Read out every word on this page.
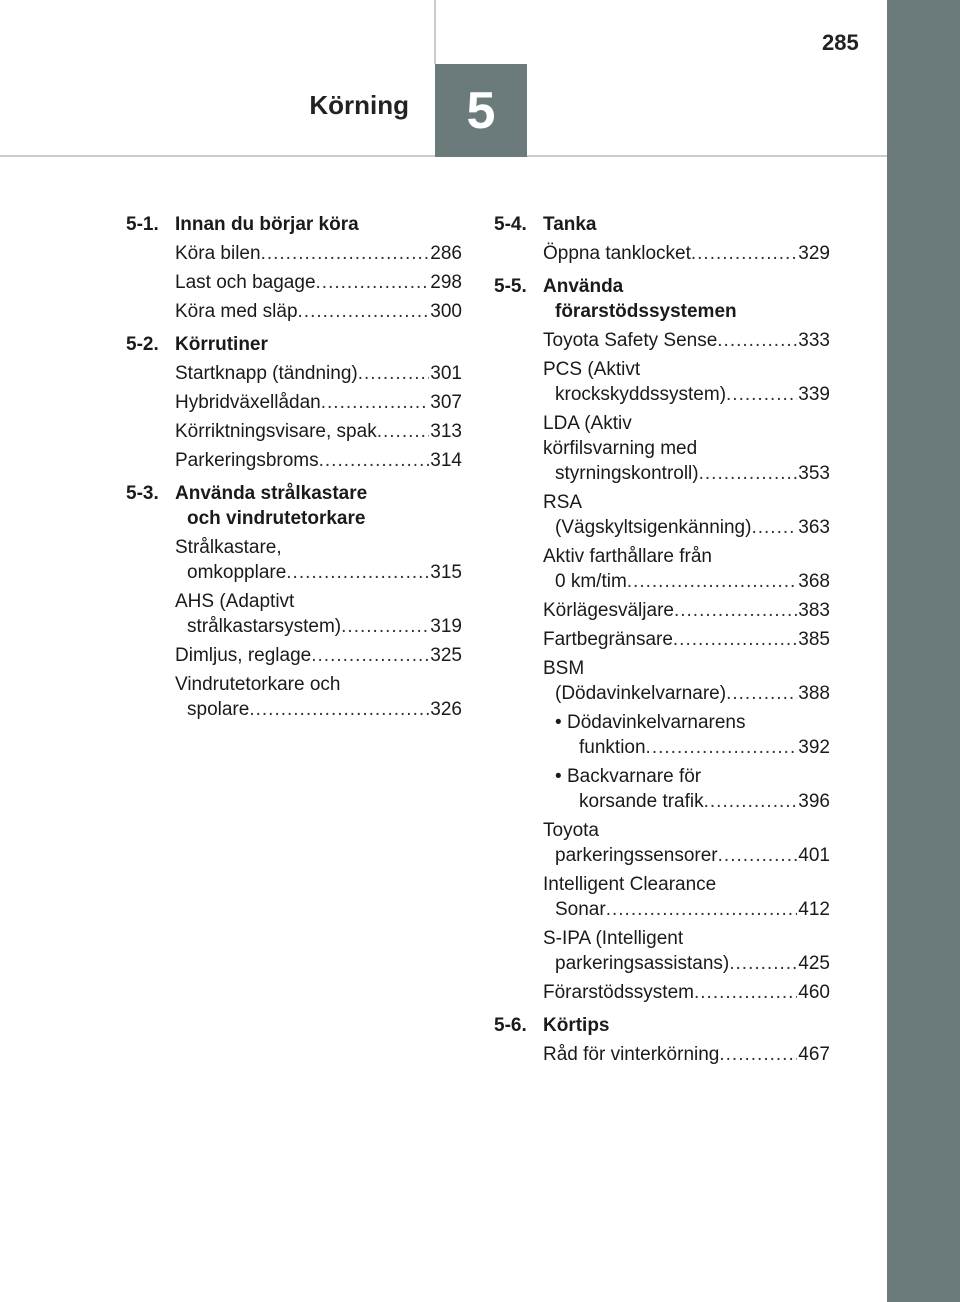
285
Körning 5
5-1. Innan du börjar köra
Köra bilen .....	286
Last och bagage .....	298
Köra med släp .....	300
5-2. Körrutiner
Startknapp (tändning) .....	301
Hybridväxellådan .....	307
Körriktningsvisare, spak .....	313
Parkeringsbroms .....	314
5-3. Använda strålkastare
och vindrutetorkare
Strålkastare,
omkopplare .....	315
AHS (Adaptivt
strålkastarsystem) .....	319
Dimljus, reglage .....	325
Vindrutetorkare och
spolare .....	326
5-4. Tanka
Öppna tanklocket .....	329
5-5. Använda
förarstödssystemen
Toyota Safety Sense .....	333
PCS (Aktivt
krockskyddssystem) .....	339
LDA (Aktiv
körfilsvarning med
styrningskontroll) .....	353
RSA
(Vägskyltsigenkänning) ..... 363
Aktiv farthållare från
0 km/tim .....	368
Körlägesväljare .....	383
Fartbegränsare .....	385
BSM
(Dödavinkelvarnare) .....	388
• Dödavinkelvarnarens
funktion .....	392
• Backvarnare för
korsande trafik .....	396
Toyota
parkeringssensorer .....	401
Intelligent Clearance
Sonar .....	412
S-IPA (Intelligent
parkeringsassistans) .....	425
Förarstödssystem .....	460
5-6. Körtips
Råd för vinterkörning .....	467
